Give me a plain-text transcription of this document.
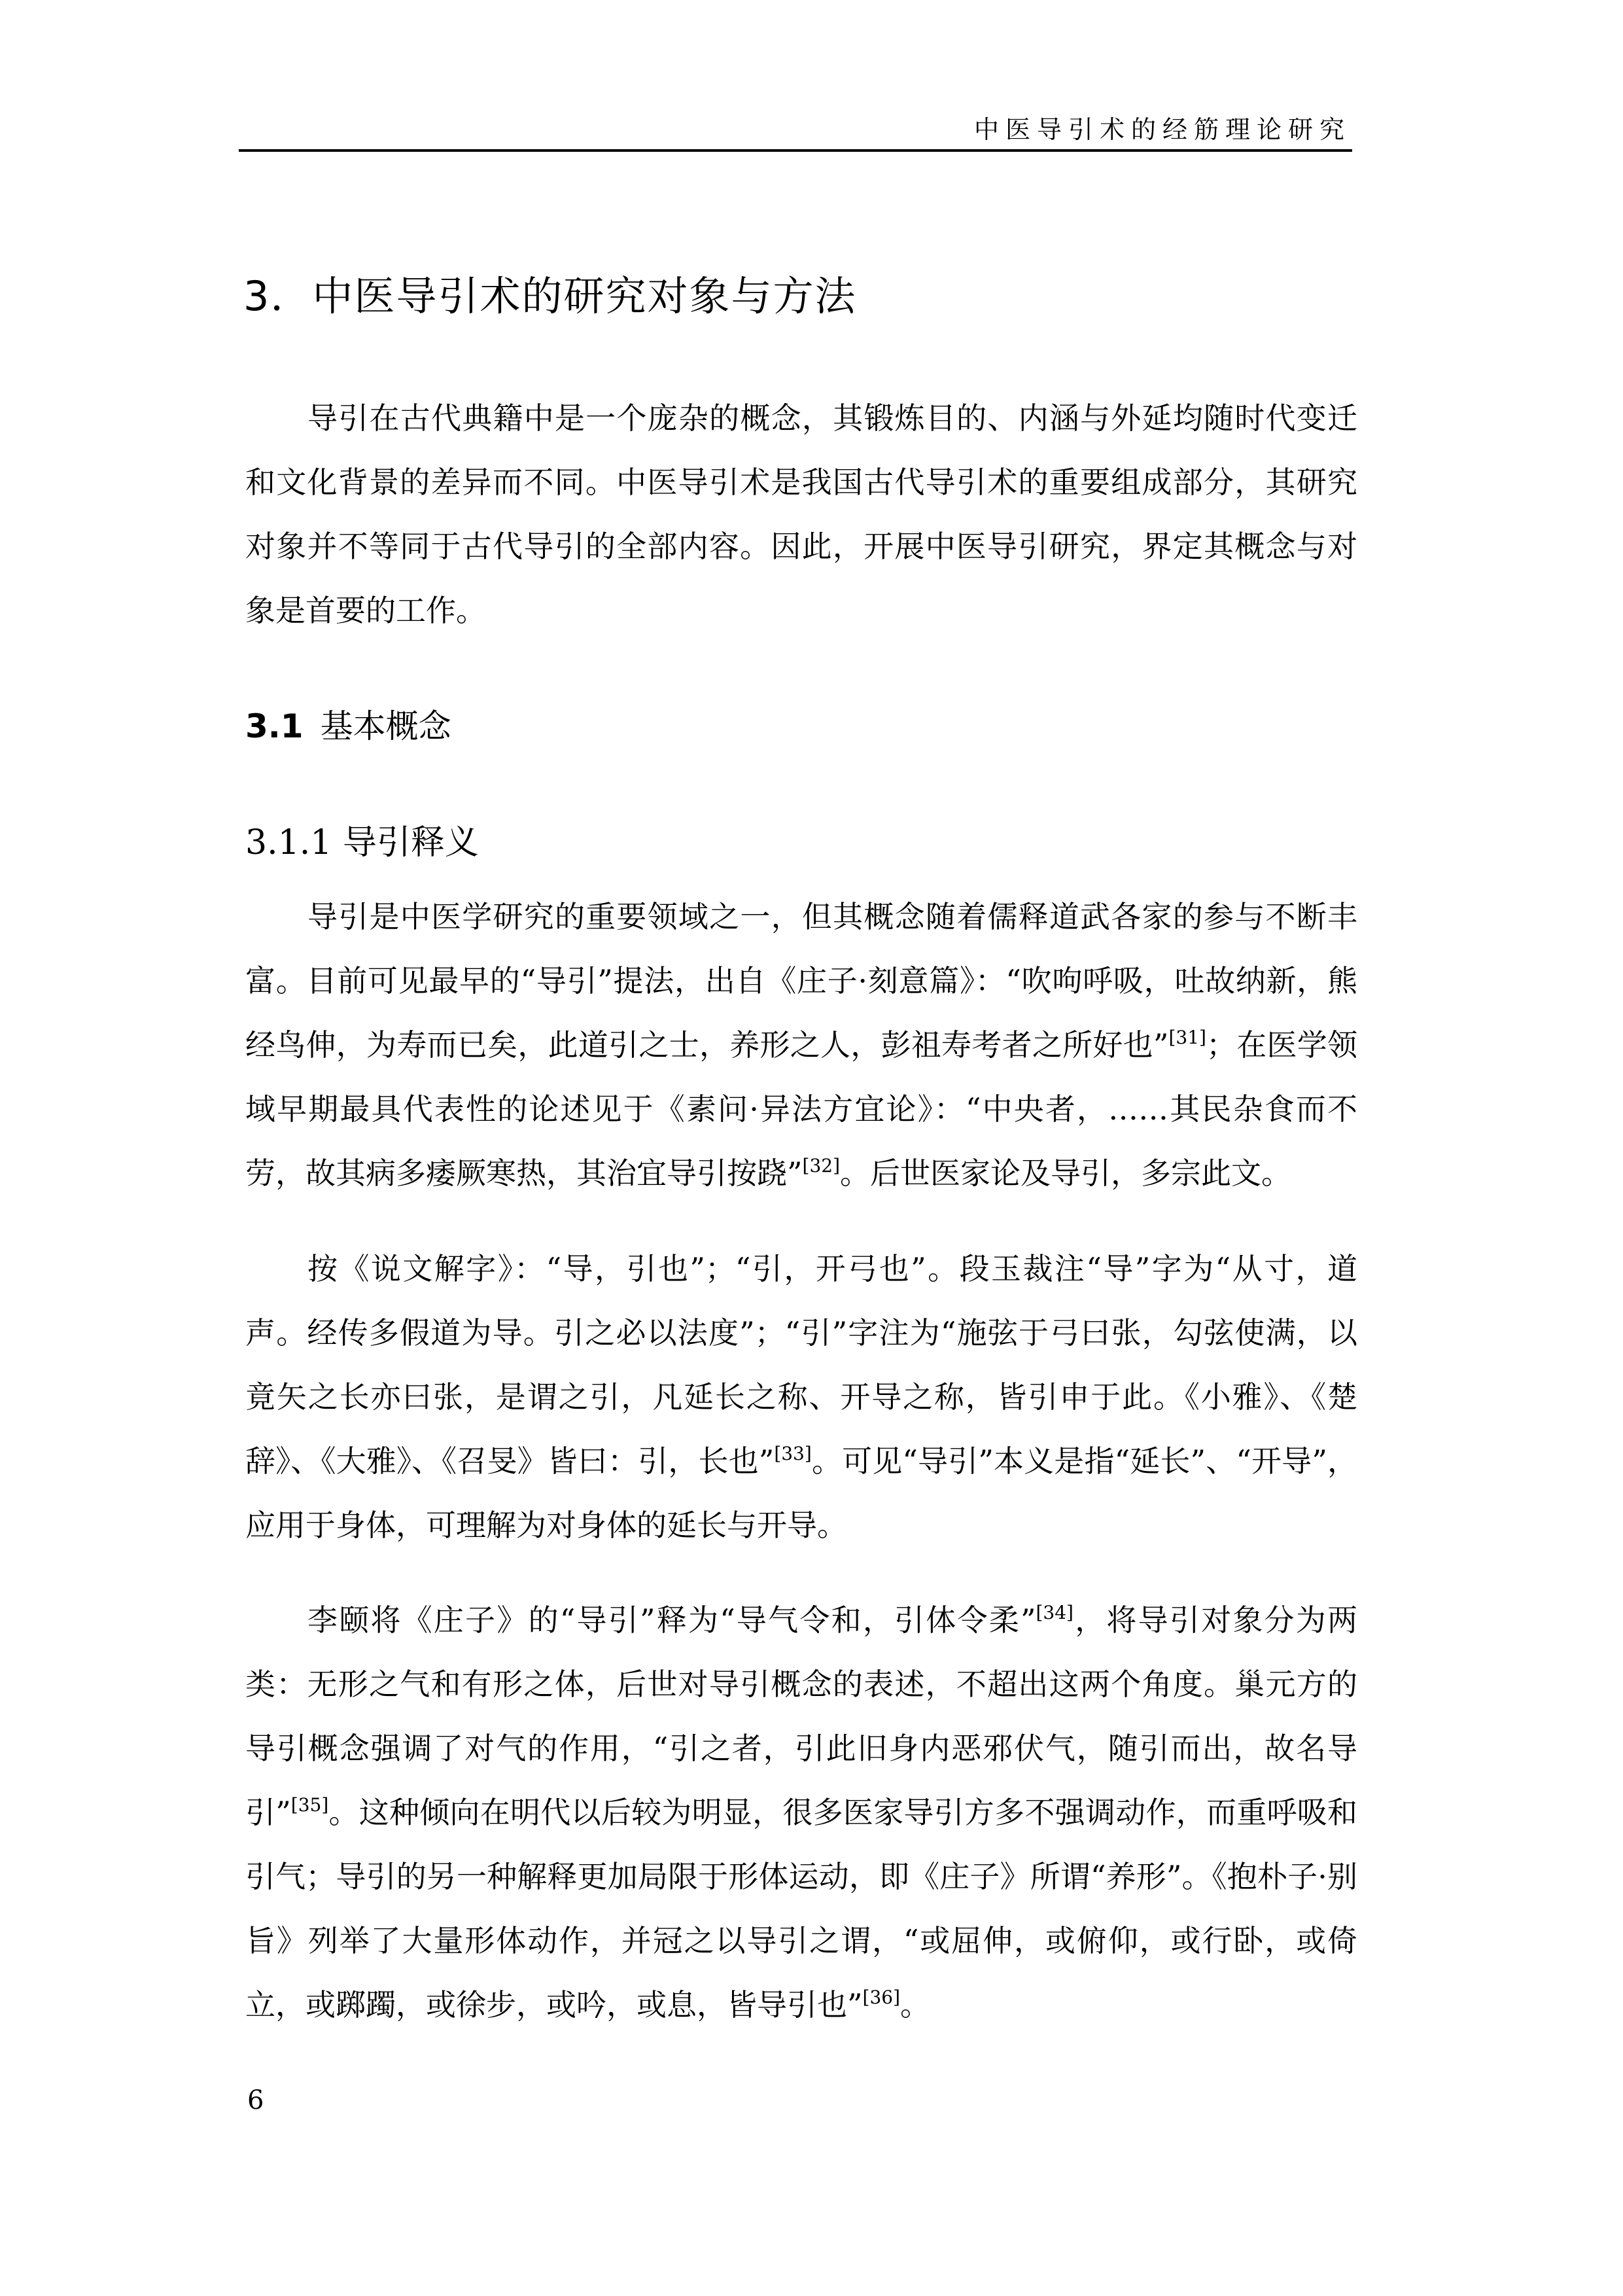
中医导引术的经筋理论研究
3．中医导引术的研究对象与方法

导引在古代典籍中是一个庞杂的概念，其锻炼目的、内涵与外延均随时代变迁和文化背景的差异而不同。中医导引术是我国古代导引术的重要组成部分，其研究对象并不等同于古代导引的全部内容。因此，开展中医导引研究，界定其概念与对象是首要的工作。

3.1 基本概念
3.1.1 导引释义

导引是中医学研究的重要领域之一，但其概念随着儒释道武各家的参与不断丰富。目前可见最早的“导引”提法，出自《庄子·刻意篇》：“吹呴呼吸，吐故纳新，熊经鸟伸，为寿而已矣，此道引之士，养形之人，彭祖寿考者之所好也”[31]；在医学领域早期最具代表性的论述见于《素问·异法方宜论》：“中央者，……其民杂食而不劳，故其病多痿厥寒热，其治宜导引按跷”[32]。后世医家论及导引，多宗此文。

按《说文解字》：“导，引也”；“引，开弓也”。段玉裁注“导”字为“从寸，道声。经传多假道为导。引之必以法度”；“引”字注为“施弦于弓曰张，勾弦使满，以竟矢之长亦曰张，是谓之引，凡延长之称、开导之称，皆引申于此。《小雅》、《楚辞》、《大雅》、《召旻》皆曰：引，长也”[33]。可见“导引”本义是指“延长”、“开导”，应用于身体，可理解为对身体的延长与开导。

李颐将《庄子》的“导引”释为“导气令和，引体令柔”[34]，将导引对象分为两类：无形之气和有形之体，后世对导引概念的表述，不超出这两个角度。巢元方的导引概念强调了对气的作用，“引之者，引此旧身内恶邪伏气，随引而出，故名导引”[35]。这种倾向在明代以后较为明显，很多医家导引方多不强调动作，而重呼吸和引气；导引的另一种解释更加局限于形体运动，即《庄子》所谓“养形”。《抱朴子·别旨》列举了大量形体动作，并冠之以导引之谓，“或屈伸，或俯仰，或行卧，或倚立，或踯躅，或徐步，或吟，或息，皆导引也”[36]。

6
